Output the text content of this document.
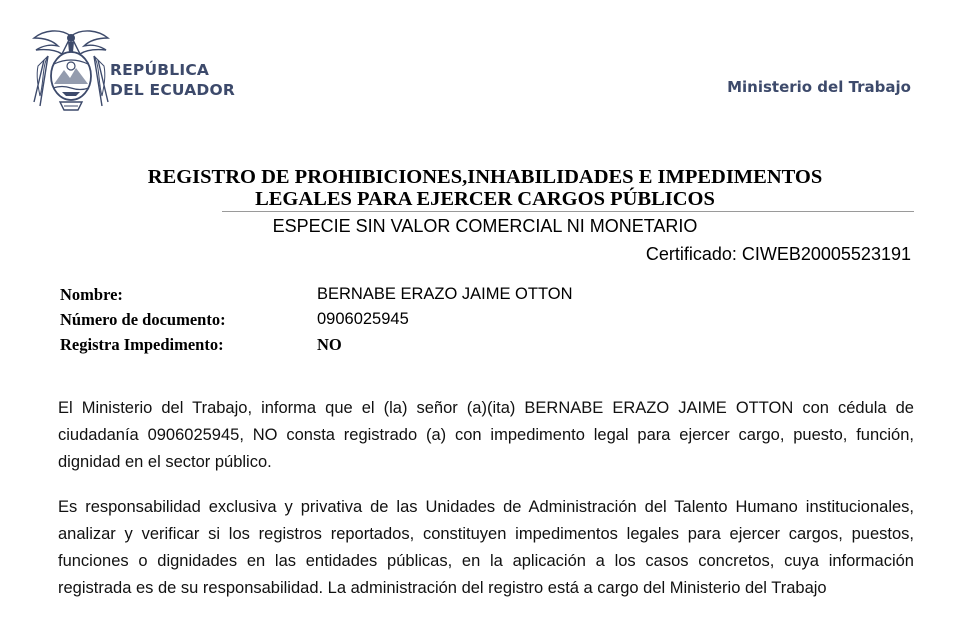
REPÚBLICA
DEL ECUADOR	Ministerio del Trabajo
REGISTRO DE PROHIBICIONES,INHABILIDADES E IMPEDIMENTOS
LEGALES PARA EJERCER CARGOS PÚBLICOS
ESPECIE SIN VALOR COMERCIAL NI MONETARIO
Certificado: CIWEB20005523191
Nombre:	BERNABE ERAZO JAIME OTTON
Número de documento:	0906025945
Registra Impedimento:	NO

El Ministerio del Trabajo, informa que el (la) señor (a)(ita) BERNABE ERAZO JAIME OTTON con cédula de ciudadanía 0906025945, NO consta registrado (a) con impedimento legal para ejercer cargo, puesto, función, dignidad en el sector público.

Es responsabilidad exclusiva y privativa de las Unidades de Administración del Talento Humano institucionales, analizar y verificar si los registros reportados, constituyen impedimentos legales para ejercer cargos, puestos, funciones o dignidades en las entidades públicas, en la aplicación a los casos concretos, cuya información registrada es de su responsabilidad. La administración del registro está a cargo del Ministerio del Trabajo
